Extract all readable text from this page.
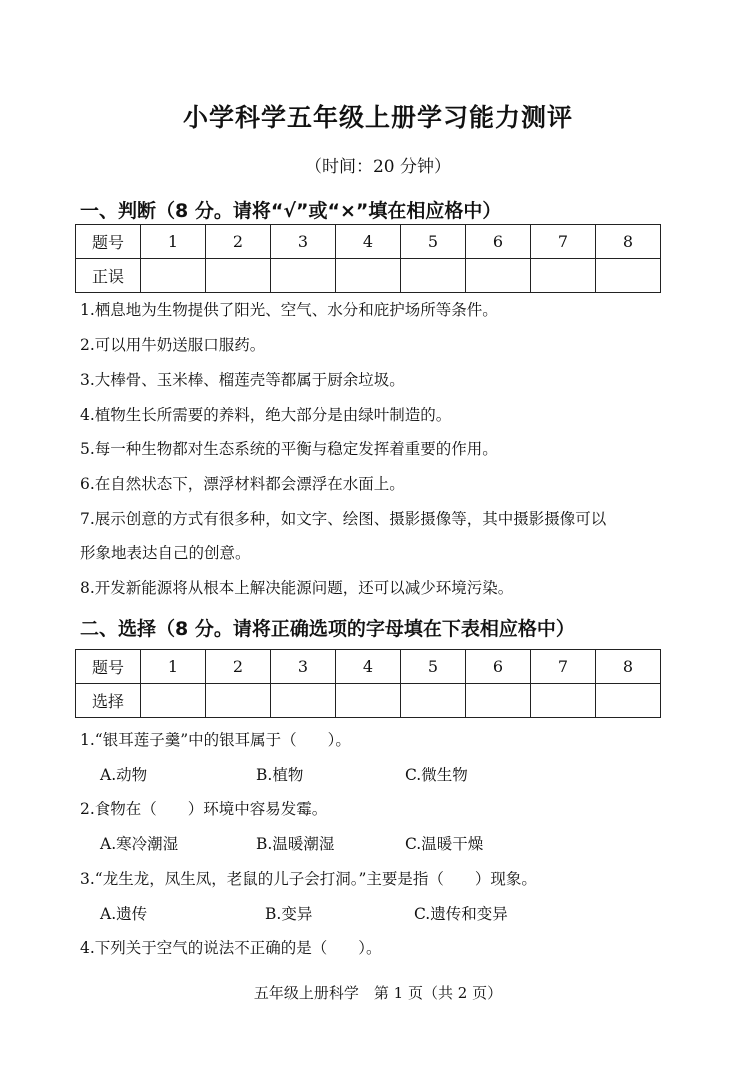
小学科学五年级上册学习能力测评
（时间：20 分钟）
一、判断（8 分。请将“√”或“×”填在相应格中）
题号	1	2	3	4	5	6	7	8
正误								
1.栖息地为生物提供了阳光、空气、水分和庇护场所等条件。
2.可以用牛奶送服口服药。
3.大棒骨、玉米棒、榴莲壳等都属于厨余垃圾。
4.植物生长所需要的养料，绝大部分是由绿叶制造的。
5.每一种生物都对生态系统的平衡与稳定发挥着重要的作用。
6.在自然状态下，漂浮材料都会漂浮在水面上。
7.展示创意的方式有很多种，如文字、绘图、摄影摄像等，其中摄影摄像可以
形象地表达自己的创意。
8.开发新能源将从根本上解决能源问题，还可以减少环境污染。
二、选择（8 分。请将正确选项的字母填在下表相应格中）
题号	1	2	3	4	5	6	7	8
选择								
1.“银耳莲子羹”中的银耳属于（　　）。
A.动物	B.植物	C.微生物
2.食物在（　　）环境中容易发霉。
A.寒冷潮湿	B.温暖潮湿	C.温暖干燥
3.“龙生龙，凤生凤，老鼠的儿子会打洞。”主要是指（　　）现象。
A.遗传	B.变异	C.遗传和变异
4.下列关于空气的说法不正确的是（　　）。
五年级上册科学　第 1 页（共 2 页）
